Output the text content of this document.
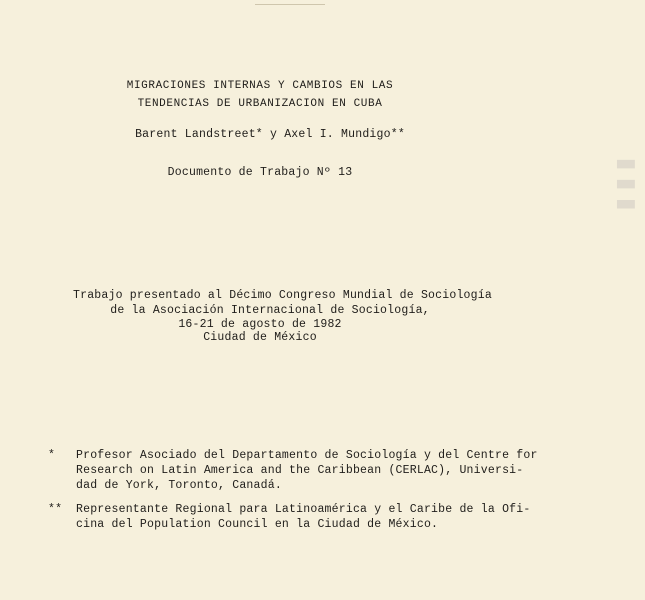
▮▮▮
MIGRACIONES INTERNAS Y CAMBIOS EN LAS
TENDENCIAS DE URBANIZACION EN CUBA
Barent Landstreet* y Axel I. Mundigo**
Documento de Trabajo Nº 13
Trabajo presentado al Décimo Congreso Mundial de Sociología
de la Asociación Internacional de Sociología,
16-21 de agosto de 1982
Ciudad de México
* Profesor Asociado del Departamento de Sociología y del Centre for
Research on Latin America and the Caribbean (CERLAC), Universi-
dad de York, Toronto, Canadá.
** Representante Regional para Latinoamérica y el Caribe de la Ofi-
cina del Population Council en la Ciudad de México.
